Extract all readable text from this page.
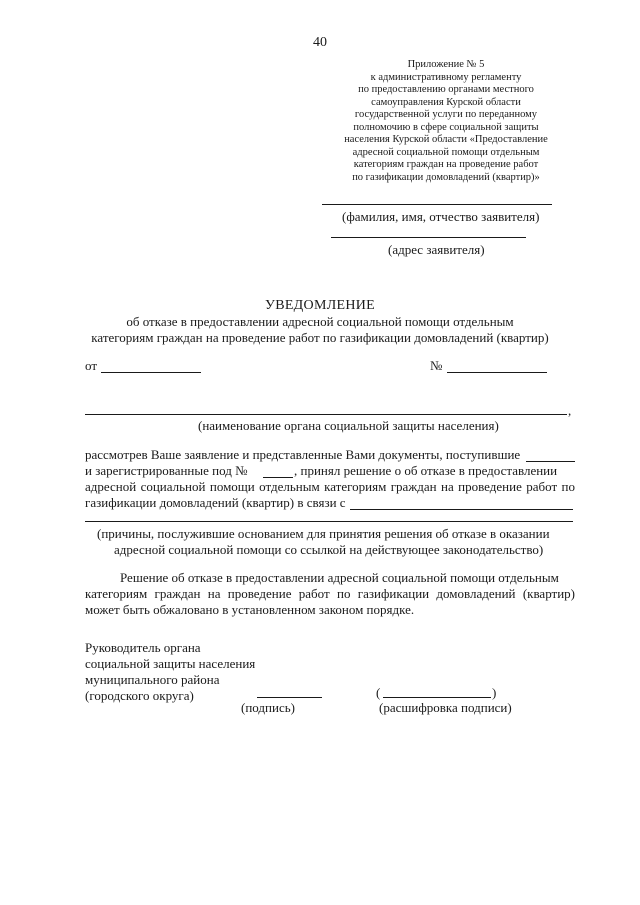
40
Приложение № 5
к административному регламенту
по предоставлению органами местного
самоуправления Курской области
государственной услуги по переданному
полномочию в сфере социальной защиты
населения Курской области «Предоставление
адресной социальной помощи отдельным
категориям граждан на проведение работ
по газификации домовладений (квартир)»
(фамилия, имя, отчество заявителя)
(адрес заявителя)
УВЕДОМЛЕНИЕ
об отказе в предоставлении адресной социальной помощи отдельным
категориям граждан на проведение работ по газификации домовладений (квартир)
от	№
,
(наименование органа социальной защиты населения)
рассмотрев Ваше заявление и представленные Вами документы, поступившие
и зарегистрированные под №	, принял решение о об отказе в предоставлении
адресной социальной помощи отдельным категориям граждан на проведение работ по
газификации домовладений (квартир) в связи с
(причины, послужившие основанием для принятия решения об отказе в оказании
адресной социальной помощи со ссылкой на действующее законодательство)
Решение об отказе в предоставлении адресной социальной помощи отдельным
категориям граждан на проведение работ по газификации домовладений (квартир)
может быть обжаловано в установленном законом порядке.
Руководитель органа
социальной защиты населения
муниципального района
(городского округа)
(подпись)
(	)
(расшифровка подписи)
